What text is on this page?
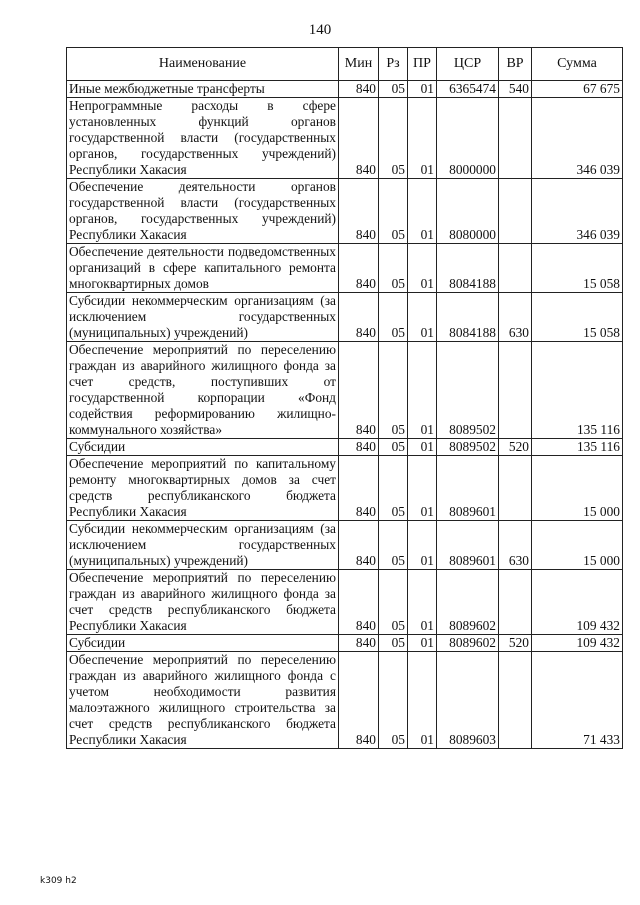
140
Наименование	Мин	Рз	ПР	ЦСР	ВР	Сумма
Иные межбюджетные трансферты	840	05	01	6365474	540	67 675
Непрограммные расходы в сфере установленных функций органов государственной власти (государственных органов, государственных учреждений) Республики Хакасия	840	05	01	8000000		346 039
Обеспечение деятельности органов государственной власти (государственных органов, государственных учреждений) Республики Хакасия	840	05	01	8080000		346 039
Обеспечение деятельности подведомственных организаций в сфере капитального ремонта многоквартирных домов	840	05	01	8084188		15 058
Субсидии некоммерческим организациям (за исключением государственных (муниципальных) учреждений)	840	05	01	8084188	630	15 058
Обеспечение мероприятий по переселению граждан из аварийного жилищного фонда за счет средств, поступивших от государственной корпорации «Фонд содействия реформированию жилищно-коммунального хозяйства»	840	05	01	8089502		135 116
Субсидии	840	05	01	8089502	520	135 116
Обеспечение мероприятий по капитальному ремонту многоквартирных домов за счет средств республиканского бюджета Республики Хакасия	840	05	01	8089601		15 000
Субсидии некоммерческим организациям (за исключением государственных (муниципальных) учреждений)	840	05	01	8089601	630	15 000
Обеспечение мероприятий по переселению граждан из аварийного жилищного фонда за счет средств республиканского бюджета Республики Хакасия	840	05	01	8089602		109 432
Субсидии	840	05	01	8089602	520	109 432
Обеспечение мероприятий по переселению граждан из аварийного жилищного фонда с учетом необходимости развития малоэтажного жилищного строительства за счет средств республиканского бюджета Республики Хакасия	840	05	01	8089603		71 433
k309 h2
